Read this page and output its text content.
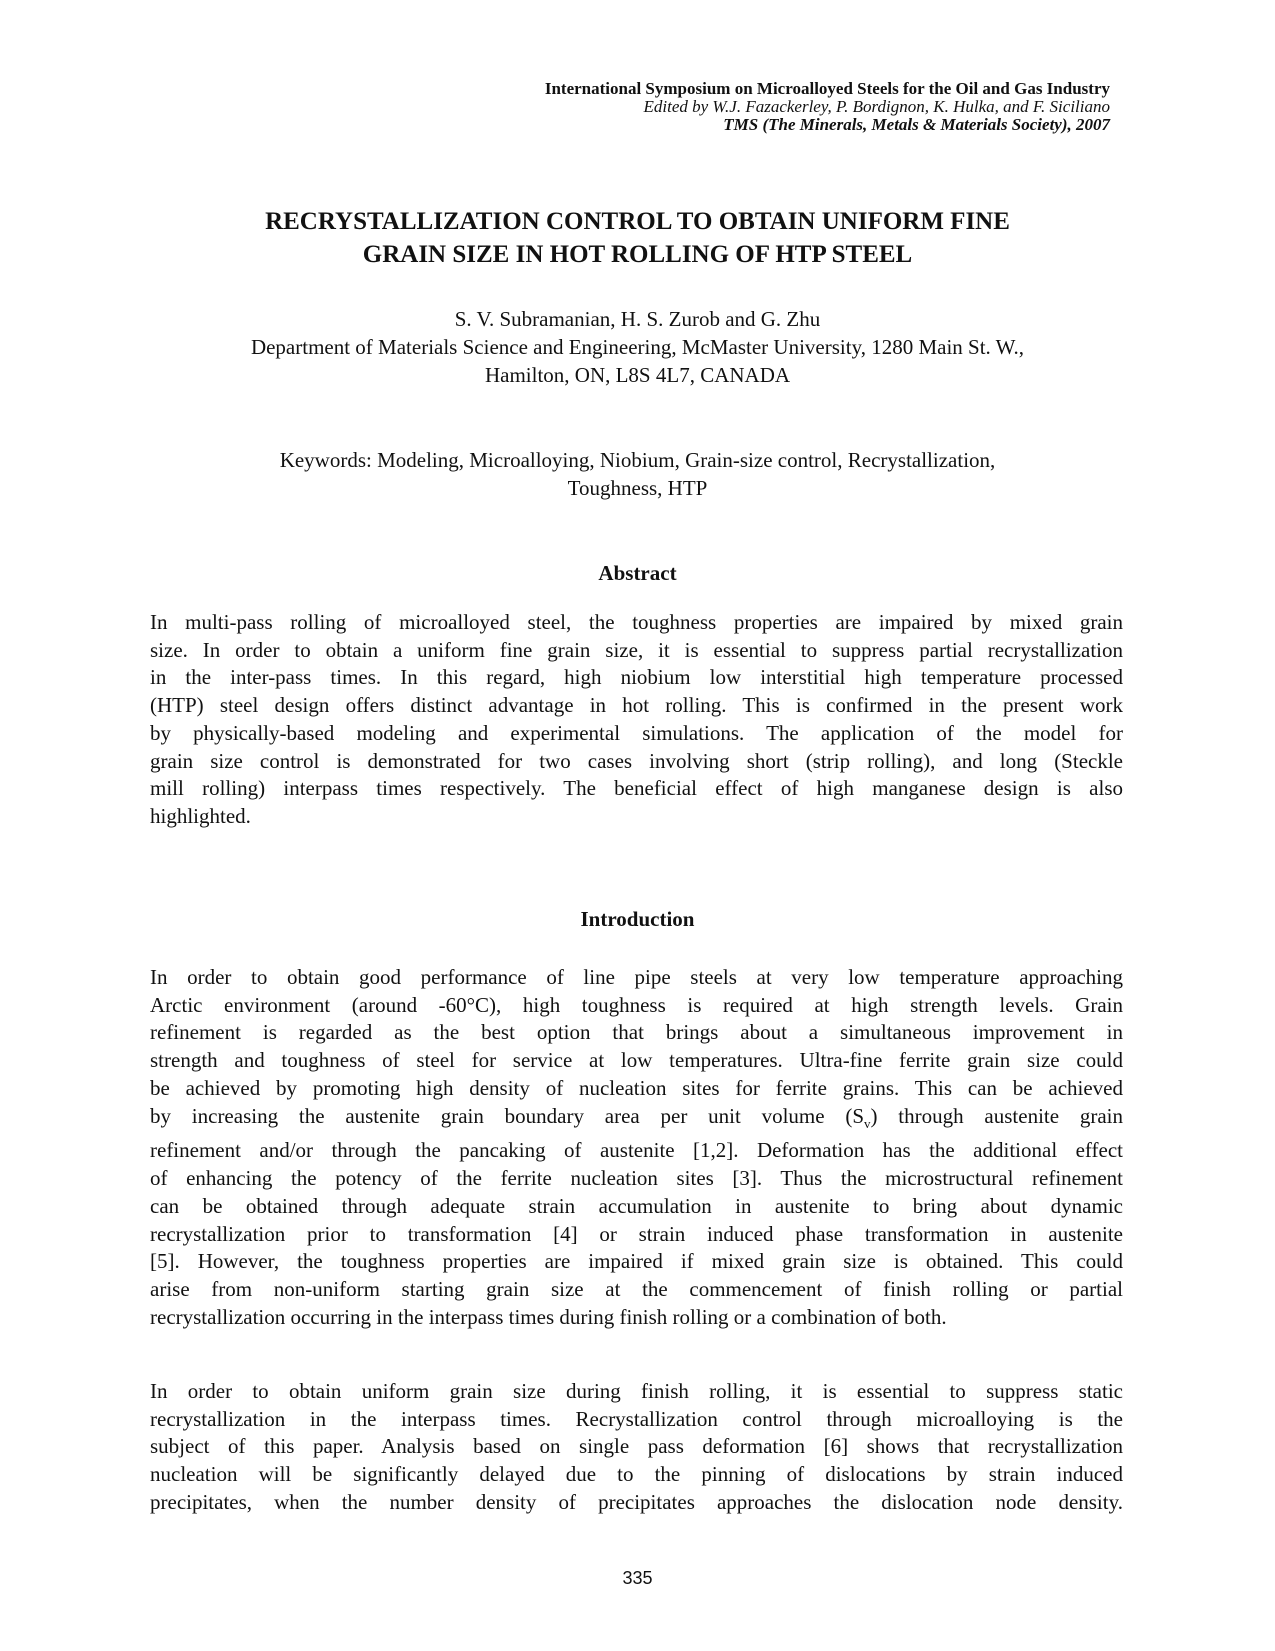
International Symposium on Microalloyed Steels for the Oil and Gas Industry
Edited by W.J. Fazackerley, P. Bordignon, K. Hulka, and F. Siciliano
TMS (The Minerals, Metals & Materials Society), 2007
RECRYSTALLIZATION CONTROL TO OBTAIN UNIFORM FINE
GRAIN SIZE IN HOT ROLLING OF HTP STEEL
S. V. Subramanian, H. S. Zurob and G. Zhu
Department of Materials Science and Engineering, McMaster University, 1280 Main St. W.,
Hamilton, ON, L8S 4L7, CANADA
Keywords: Modeling, Microalloying, Niobium, Grain-size control, Recrystallization,
Toughness, HTP
Abstract
In multi-pass rolling of microalloyed steel, the toughness properties are impaired by mixed grain
size. In order to obtain a uniform fine grain size, it is essential to suppress partial recrystallization
in the inter-pass times. In this regard, high niobium low interstitial high temperature processed
(HTP) steel design offers distinct advantage in hot rolling. This is confirmed in the present work
by physically-based modeling and experimental simulations. The application of the model for
grain size control is demonstrated for two cases involving short (strip rolling), and long (Steckle
mill rolling) interpass times respectively. The beneficial effect of high manganese design is also
highlighted.
Introduction
In order to obtain good performance of line pipe steels at very low temperature approaching
Arctic environment (around -60°C), high toughness is required at high strength levels. Grain
refinement is regarded as the best option that brings about a simultaneous improvement in
strength and toughness of steel for service at low temperatures. Ultra-fine ferrite grain size could
be achieved by promoting high density of nucleation sites for ferrite grains. This can be achieved
by increasing the austenite grain boundary area per unit volume $(S_v)$ through austenite grain
refinement and/or through the pancaking of austenite [1,2]. Deformation has the additional effect
of enhancing the potency of the ferrite nucleation sites [3]. Thus the microstructural refinement
can be obtained through adequate strain accumulation in austenite to bring about dynamic
recrystallization prior to transformation [4] or strain induced phase transformation in austenite
[5]. However, the toughness properties are impaired if mixed grain size is obtained. This could
arise from non-uniform starting grain size at the commencement of finish rolling or partial
recrystallization occurring in the interpass times during finish rolling or a combination of both.
In order to obtain uniform grain size during finish rolling, it is essential to suppress static
recrystallization in the interpass times. Recrystallization control through microalloying is the
subject of this paper. Analysis based on single pass deformation [6] shows that recrystallization
nucleation will be significantly delayed due to the pinning of dislocations by strain induced
precipitates, when the number density of precipitates approaches the dislocation node density.
335
